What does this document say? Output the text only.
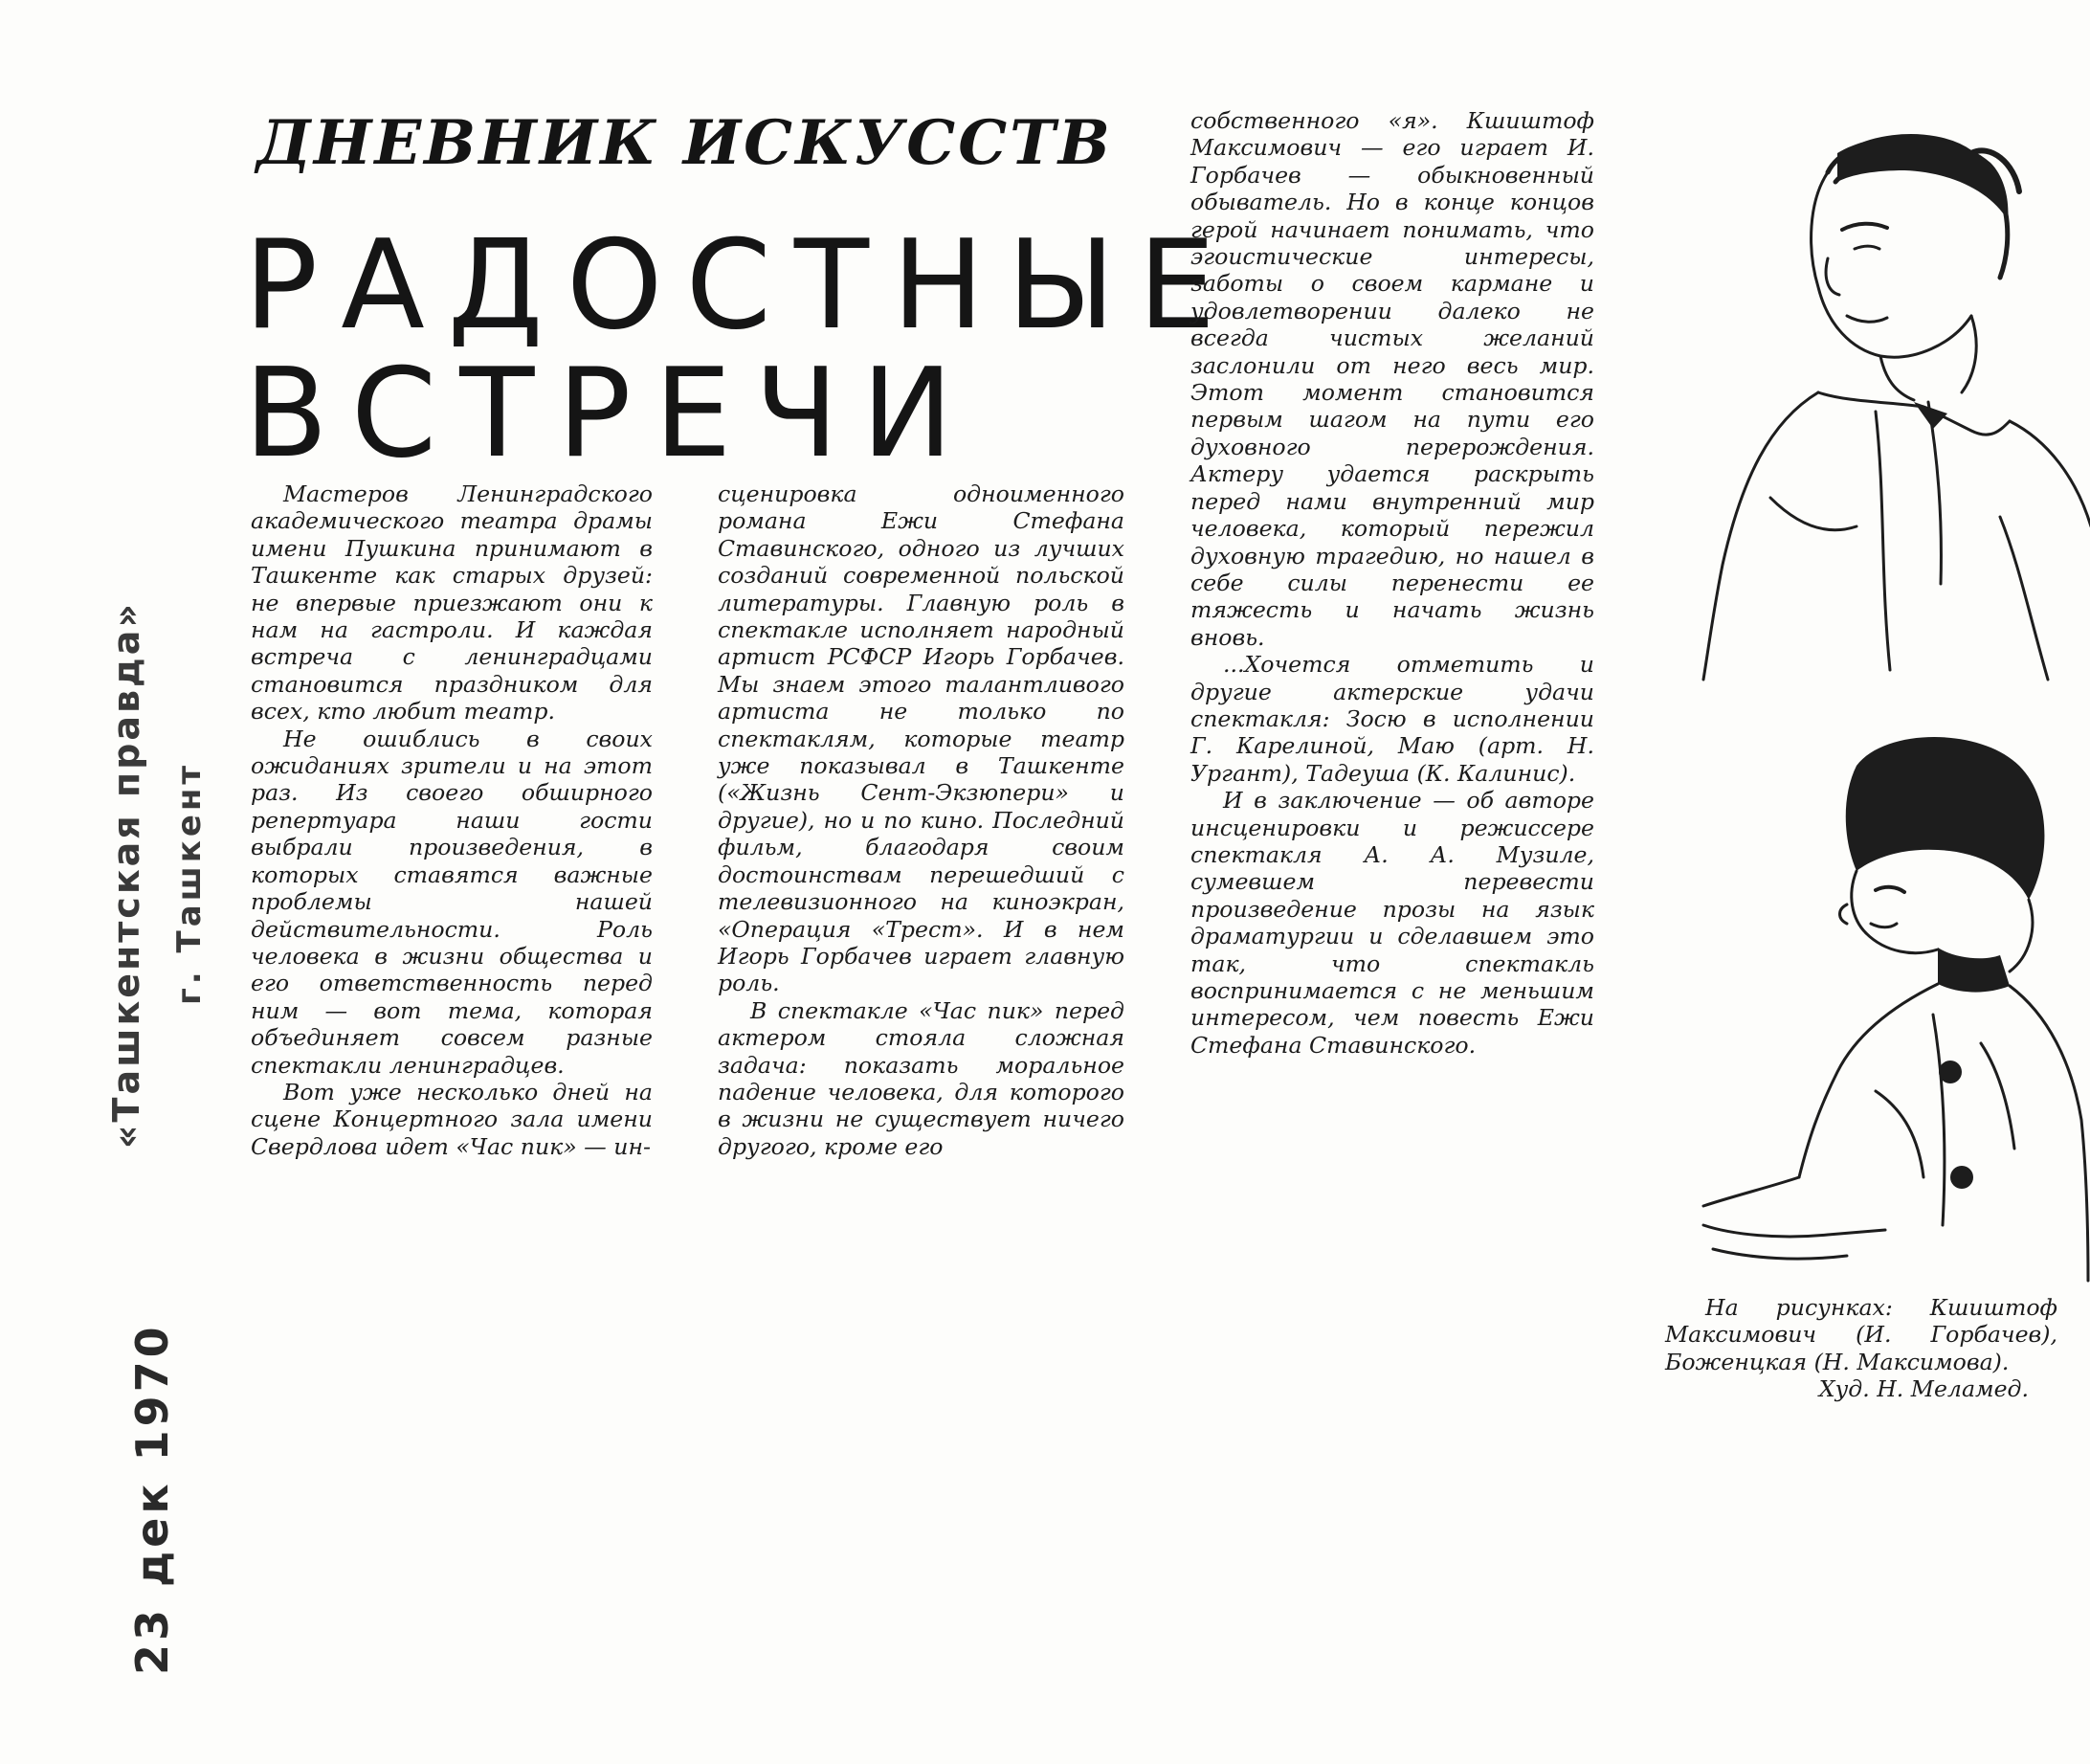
«Ташкентская правда» г. Ташкент
23 дек 1970
ДНЕВНИК ИСКУССТВ
РАДОСТНЫЕ
ВСТРЕЧИ

Мастеров Ленинградского академического театра драмы имени Пушкина принимают в Ташкенте как старых друзей: не впервые приезжают они к нам на гастроли. И каждая встреча с ленинградцами становится праздником для всех, кто любит театр.

Не ошиблись в своих ожиданиях зрители и на этот раз. Из своего обширного репертуара наши гости выбрали произведения, в которых ставятся важные проблемы нашей действительности. Роль человека в жизни общества и его ответственность перед ним — вот тема, которая объединяет совсем разные спектакли ленинградцев.

Вот уже несколько дней на сцене Концертного зала имени Свердлова идет «Час пик» — ин-

сценировка одноименного романа Ежи Стефана Ставинского, одного из лучших созданий современной польской литературы. Главную роль в спектакле исполняет народный артист РСФСР Игорь Горбачев. Мы знаем этого талантливого артиста не только по спектаклям, которые театр уже показывал в Ташкенте («Жизнь Сент-Экзюпери» и другие), но и по кино. Последний фильм, благодаря своим достоинствам перешедший с телевизионного на киноэкран, «Операция «Трест». И в нем Игорь Горбачев играет главную роль.

В спектакле «Час пик» перед актером стояла сложная задача: показать моральное падение человека, для которого в жизни не существует ничего другого, кроме его

собственного «я». Кшиштоф Максимович — его играет И. Горбачев — обыкновенный обыватель. Но в конце концов герой начинает понимать, что эгоистические интересы, заботы о своем кармане и удовлетворении далеко не всегда чистых желаний заслонили от него весь мир. Этот момент становится первым шагом на пути его духовного перерождения. Актеру удается раскрыть перед нами внутренний мир человека, который пережил духовную трагедию, но нашел в себе силы перенести ее тяжесть и начать жизнь вновь.

...Хочется отметить и другие актерские удачи спектакля: Зосю в исполнении Г. Карелиной, Маю (арт. Н. Ургант), Тадеуша (К. Калинис).

И в заключение — об авторе инсценировки и режиссере спектакля А. А. Музиле, сумевшем перевести произведение прозы на язык драматургии и сделавшем это так, что спектакль воспринимается с не меньшим интересом, чем повесть Ежи Стефана Ставинского.

На рисунках: Кшиштоф Максимович (И. Горбачев), Боженцкая (Н. Максимова).

Худ. Н. Меламед.
